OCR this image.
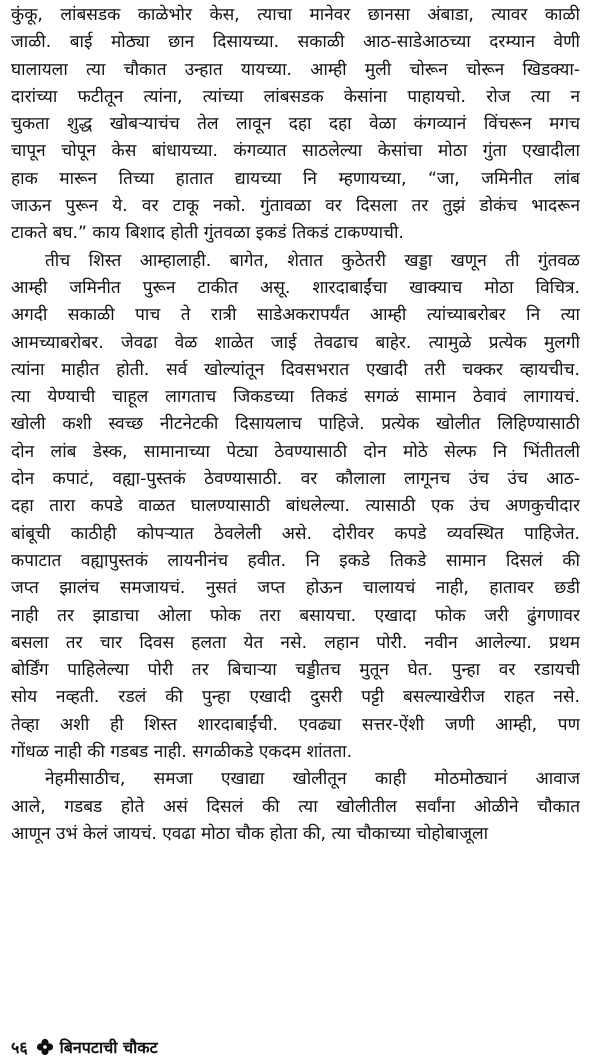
कुंकू, लांबसडक काळेभोर केस, त्याचा मानेवर छानसा अंबाडा, त्यावर काळी
जाळी. बाई मोठ्या छान दिसायच्या. सकाळी आठ-साडेआठच्या दरम्यान वेणी
घालायला त्या चौकात उन्हात यायच्या. आम्ही मुली चोरून चोरून खिडक्या-
दारांच्या फटीतून त्यांना, त्यांच्या लांबसडक केसांना पाहायचो. रोज त्या न
चुकता शुद्ध खोबऱ्याचंच तेल लावून दहा दहा वेळा कंगव्यानं विंचरून मगच
चापून चोपून केस बांधायच्या. कंगव्यात साठलेल्या केसांचा मोठा गुंता एखादीला
हाक मारून तिच्या हातात द्यायच्या नि म्हणायच्या, “जा, जमिनीत लांब
जाऊन पुरून ये. वर टाकू नको. गुंतावळा वर दिसला तर तुझं डोकंच भादरून
टाकते बघ.” काय बिशाद होती गुंतवळा इकडं तिकडं टाकण्याची.

तीच शिस्त आम्हालाही. बागेत, शेतात कुठेतरी खड्डा खणून ती गुंतवळ
आम्ही जमिनीत पुरून टाकीत असू. शारदाबाईंचा खाक्याच मोठा विचित्र.
अगदी सकाळी पाच ते रात्री साडेअकरापर्यंत आम्ही त्यांच्याबरोबर नि त्या
आमच्याबरोबर. जेवढा वेळ शाळेत जाई तेवढाच बाहेर. त्यामुळे प्रत्येक मुलगी
त्यांना माहीत होती. सर्व खोल्यांतून दिवसभरात एखादी तरी चक्कर व्हायचीच.
त्या येण्याची चाहूल लागताच जिकडच्या तिकडं सगळं सामान ठेवावं लागायचं.
खोली कशी स्वच्छ नीटनेटकी दिसायलाच पाहिजे. प्रत्येक खोलीत लिहिण्यासाठी
दोन लांब डेस्क, सामानाच्या पेट्या ठेवण्यासाठी दोन मोठे सेल्फ नि भिंतीतली
दोन कपाटं, वह्या-पुस्तकं ठेवण्यासाठी. वर कौलाला लागूनच उंच उंच आठ-
दहा तारा कपडे वाळत घालण्यासाठी बांधलेल्या. त्यासाठी एक उंच अणकुचीदार
बांबूची काठीही कोपऱ्यात ठेवलेली असे. दोरीवर कपडे व्यवस्थित पाहिजेत.
कपाटात वह्यापुस्तकं लायनीनंच हवीत. नि इकडे तिकडे सामान दिसलं की
जप्त झालंच समजायचं. नुसतं जप्त होऊन चालायचं नाही, हातावर छडी
नाही तर झाडाचा ओला फोक तरा बसायचा. एखादा फोक जरी ढुंगणावर
बसला तर चार दिवस हलता येत नसे. लहान पोरी. नवीन आलेल्या. प्रथम
बोर्डिंग पाहिलेल्या पोरी तर बिचाऱ्या चड्डीतच मुतून घेत. पुन्हा वर रडायची
सोय नव्हती. रडलं की पुन्हा एखादी दुसरी पट्टी बसल्याखेरीज राहत नसे.
तेव्हा अशी ही शिस्त शारदाबाईंची. एवढ्या सत्तर-ऐंशी जणी आम्ही, पण
गोंधळ नाही की गडबड नाही. सगळीकडे एकदम शांतता.

नेहमीसाठीच, समजा एखाद्या खोलीतून काही मोठमोठ्यानं आवाज
आले, गडबड होते असं दिसलं की त्या खोलीतील सर्वांना ओळीने चौकात
आणून उभं केलं जायचं. एवढा मोठा चौक होता की, त्या चौकाच्या चोहोबाजूला

५६ बिनपटाची चौकट
